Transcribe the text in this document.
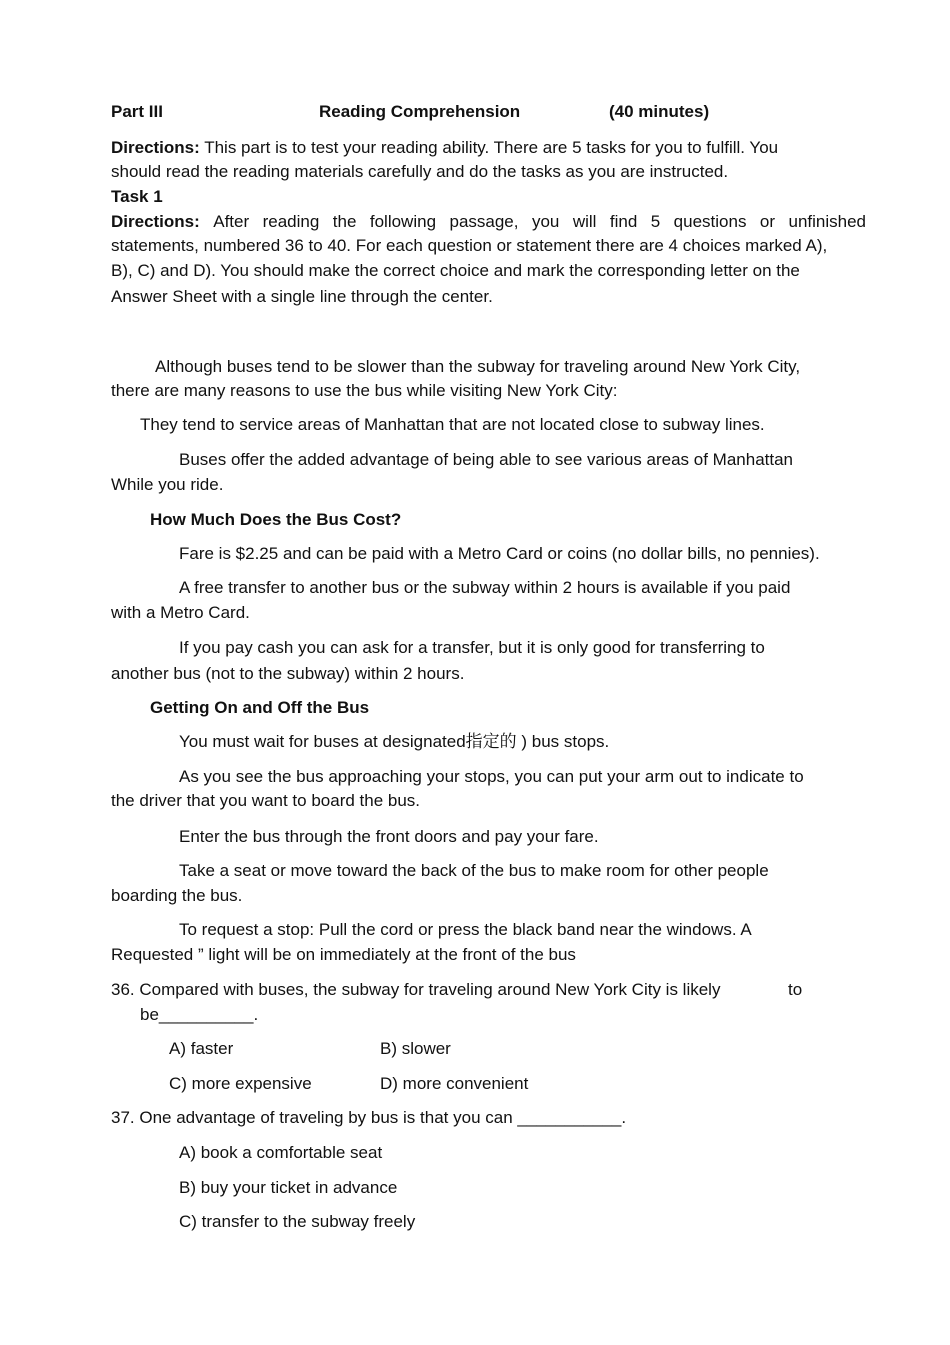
Part III	Reading Comprehension	(40 minutes)
Directions: This part is to test your reading ability. There are 5 tasks for you to fulfill. You
should read the reading materials carefully and do the tasks as you are instructed.
Task 1
Directions: After reading the following passage, you will find 5 questions or unfinished
statements, numbered 36 to 40. For each question or statement there are 4 choices marked A),
B), C) and D). You should make the correct choice and mark the corresponding letter on the
Answer Sheet with a single line through the center.
Although buses tend to be slower than the subway for traveling around New York City,
there are many reasons to use the bus while visiting New York City:
They tend to service areas of Manhattan that are not located close to subway lines.
Buses offer the added advantage of being able to see various areas of Manhattan
While you ride.
How Much Does the Bus Cost?
Fare is $2.25 and can be paid with a Metro Card or coins (no dollar bills, no pennies).
A free transfer to another bus or the subway within 2 hours is available if you paid
with a Metro Card.
If you pay cash you can ask for a transfer, but it is only good for transferring to
another bus (not to the subway) within 2 hours.
Getting On and Off the Bus
You must wait for buses at designated指定的 ) bus stops.
As you see the bus approaching your stops, you can put your arm out to indicate to
the driver that you want to board the bus.
Enter the bus through the front doors and pay your fare.
Take a seat or move toward the back of the bus to make room for other people
boarding the bus.
To request a stop: Pull the cord or press the black band near the windows. A
Requested ” light will be on immediately at the front of the bus
36. Compared with buses, the subway for traveling around New York City is likely	to
be__________.
A) faster	B) slower
C) more expensive	D) more convenient
37. One advantage of traveling by bus is that you can ___________.
A) book a comfortable seat
B) buy your ticket in advance
C) transfer to the subway freely
